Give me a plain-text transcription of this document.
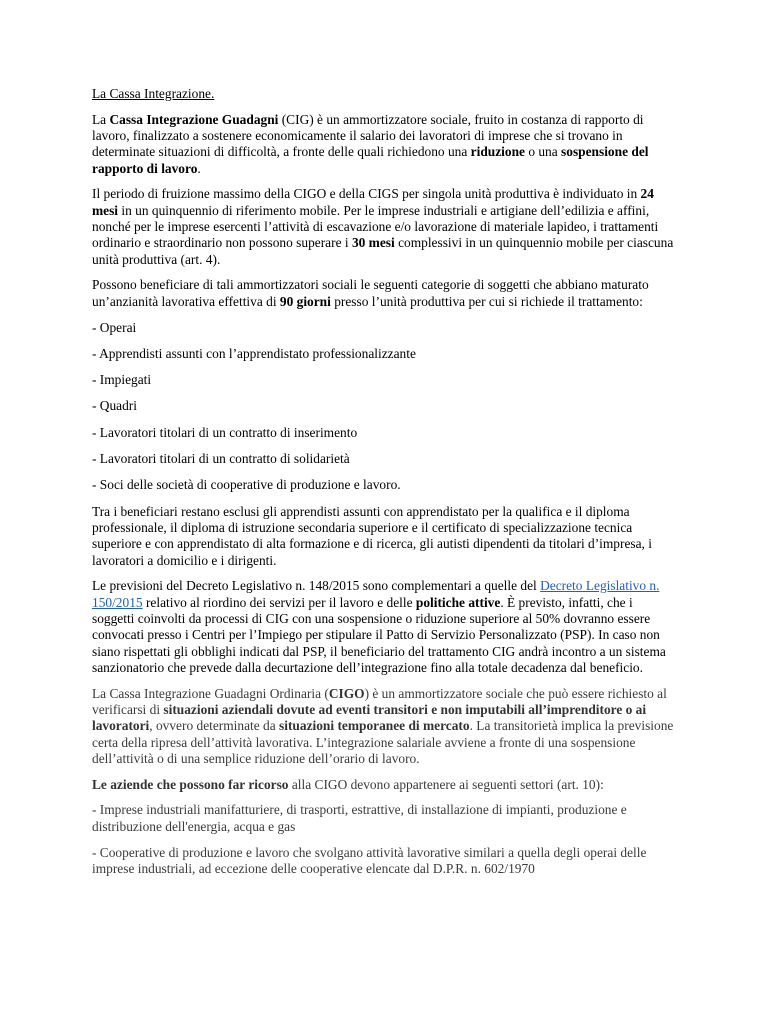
La Cassa Integrazione.

La Cassa Integrazione Guadagni (CIG) è un ammortizzatore sociale, fruito in costanza di rapporto di lavoro, finalizzato a sostenere economicamente il salario dei lavoratori di imprese che si trovano in determinate situazioni di difficoltà, a fronte delle quali richiedono una riduzione o una sospensione del rapporto di lavoro.

Il periodo di fruizione massimo della CIGO e della CIGS per singola unità produttiva è individuato in 24 mesi in un quinquennio di riferimento mobile. Per le imprese industriali e artigiane dell’edilizia e affini, nonché per le imprese esercenti l’attività di escavazione e/o lavorazione di materiale lapideo, i trattamenti ordinario e straordinario non possono superare i 30 mesi complessivi in un quinquennio mobile per ciascuna unità produttiva (art. 4).

Possono beneficiare di tali ammortizzatori sociali le seguenti categorie di soggetti che abbiano maturato un’anzianità lavorativa effettiva di 90 giorni presso l’unità produttiva per cui si richiede il trattamento:

- Operai

- Apprendisti assunti con l’apprendistato professionalizzante

- Impiegati

- Quadri

- Lavoratori titolari di un contratto di inserimento

- Lavoratori titolari di un contratto di solidarietà

- Soci delle società di cooperative di produzione e lavoro.

Tra i beneficiari restano esclusi gli apprendisti assunti con apprendistato per la qualifica e il diploma professionale, il diploma di istruzione secondaria superiore e il certificato di specializzazione tecnica superiore e con apprendistato di alta formazione e di ricerca, gli autisti dipendenti da titolari d’impresa, i lavoratori a domicilio e i dirigenti.

Le previsioni del Decreto Legislativo n. 148/2015 sono complementari a quelle del Decreto Legislativo n. 150/2015 relativo al riordino dei servizi per il lavoro e delle politiche attive. È previsto, infatti, che i soggetti coinvolti da processi di CIG con una sospensione o riduzione superiore al 50% dovranno essere convocati presso i Centri per l’Impiego per stipulare il Patto di Servizio Personalizzato (PSP). In caso non siano rispettati gli obblighi indicati dal PSP, il beneficiario del trattamento CIG andrà incontro a un sistema sanzionatorio che prevede dalla decurtazione dell’integrazione fino alla totale decadenza dal beneficio.

La Cassa Integrazione Guadagni Ordinaria (CIGO) è un ammortizzatore sociale che può essere richiesto al verificarsi di situazioni aziendali dovute ad eventi transitori e non imputabili all’imprenditore o ai lavoratori, ovvero determinate da situazioni temporanee di mercato. La transitorietà implica la previsione certa della ripresa dell’attività lavorativa. L’integrazione salariale avviene a fronte di una sospensione dell’attività o di una semplice riduzione dell’orario di lavoro.

Le aziende che possono far ricorso alla CIGO devono appartenere ai seguenti settori (art. 10):

- Imprese industriali manifatturiere, di trasporti, estrattive, di installazione di impianti, produzione e distribuzione dell'energia, acqua e gas

- Cooperative di produzione e lavoro che svolgano attività lavorative similari a quella degli operai delle imprese industriali, ad eccezione delle cooperative elencate dal D.P.R. n. 602/1970
